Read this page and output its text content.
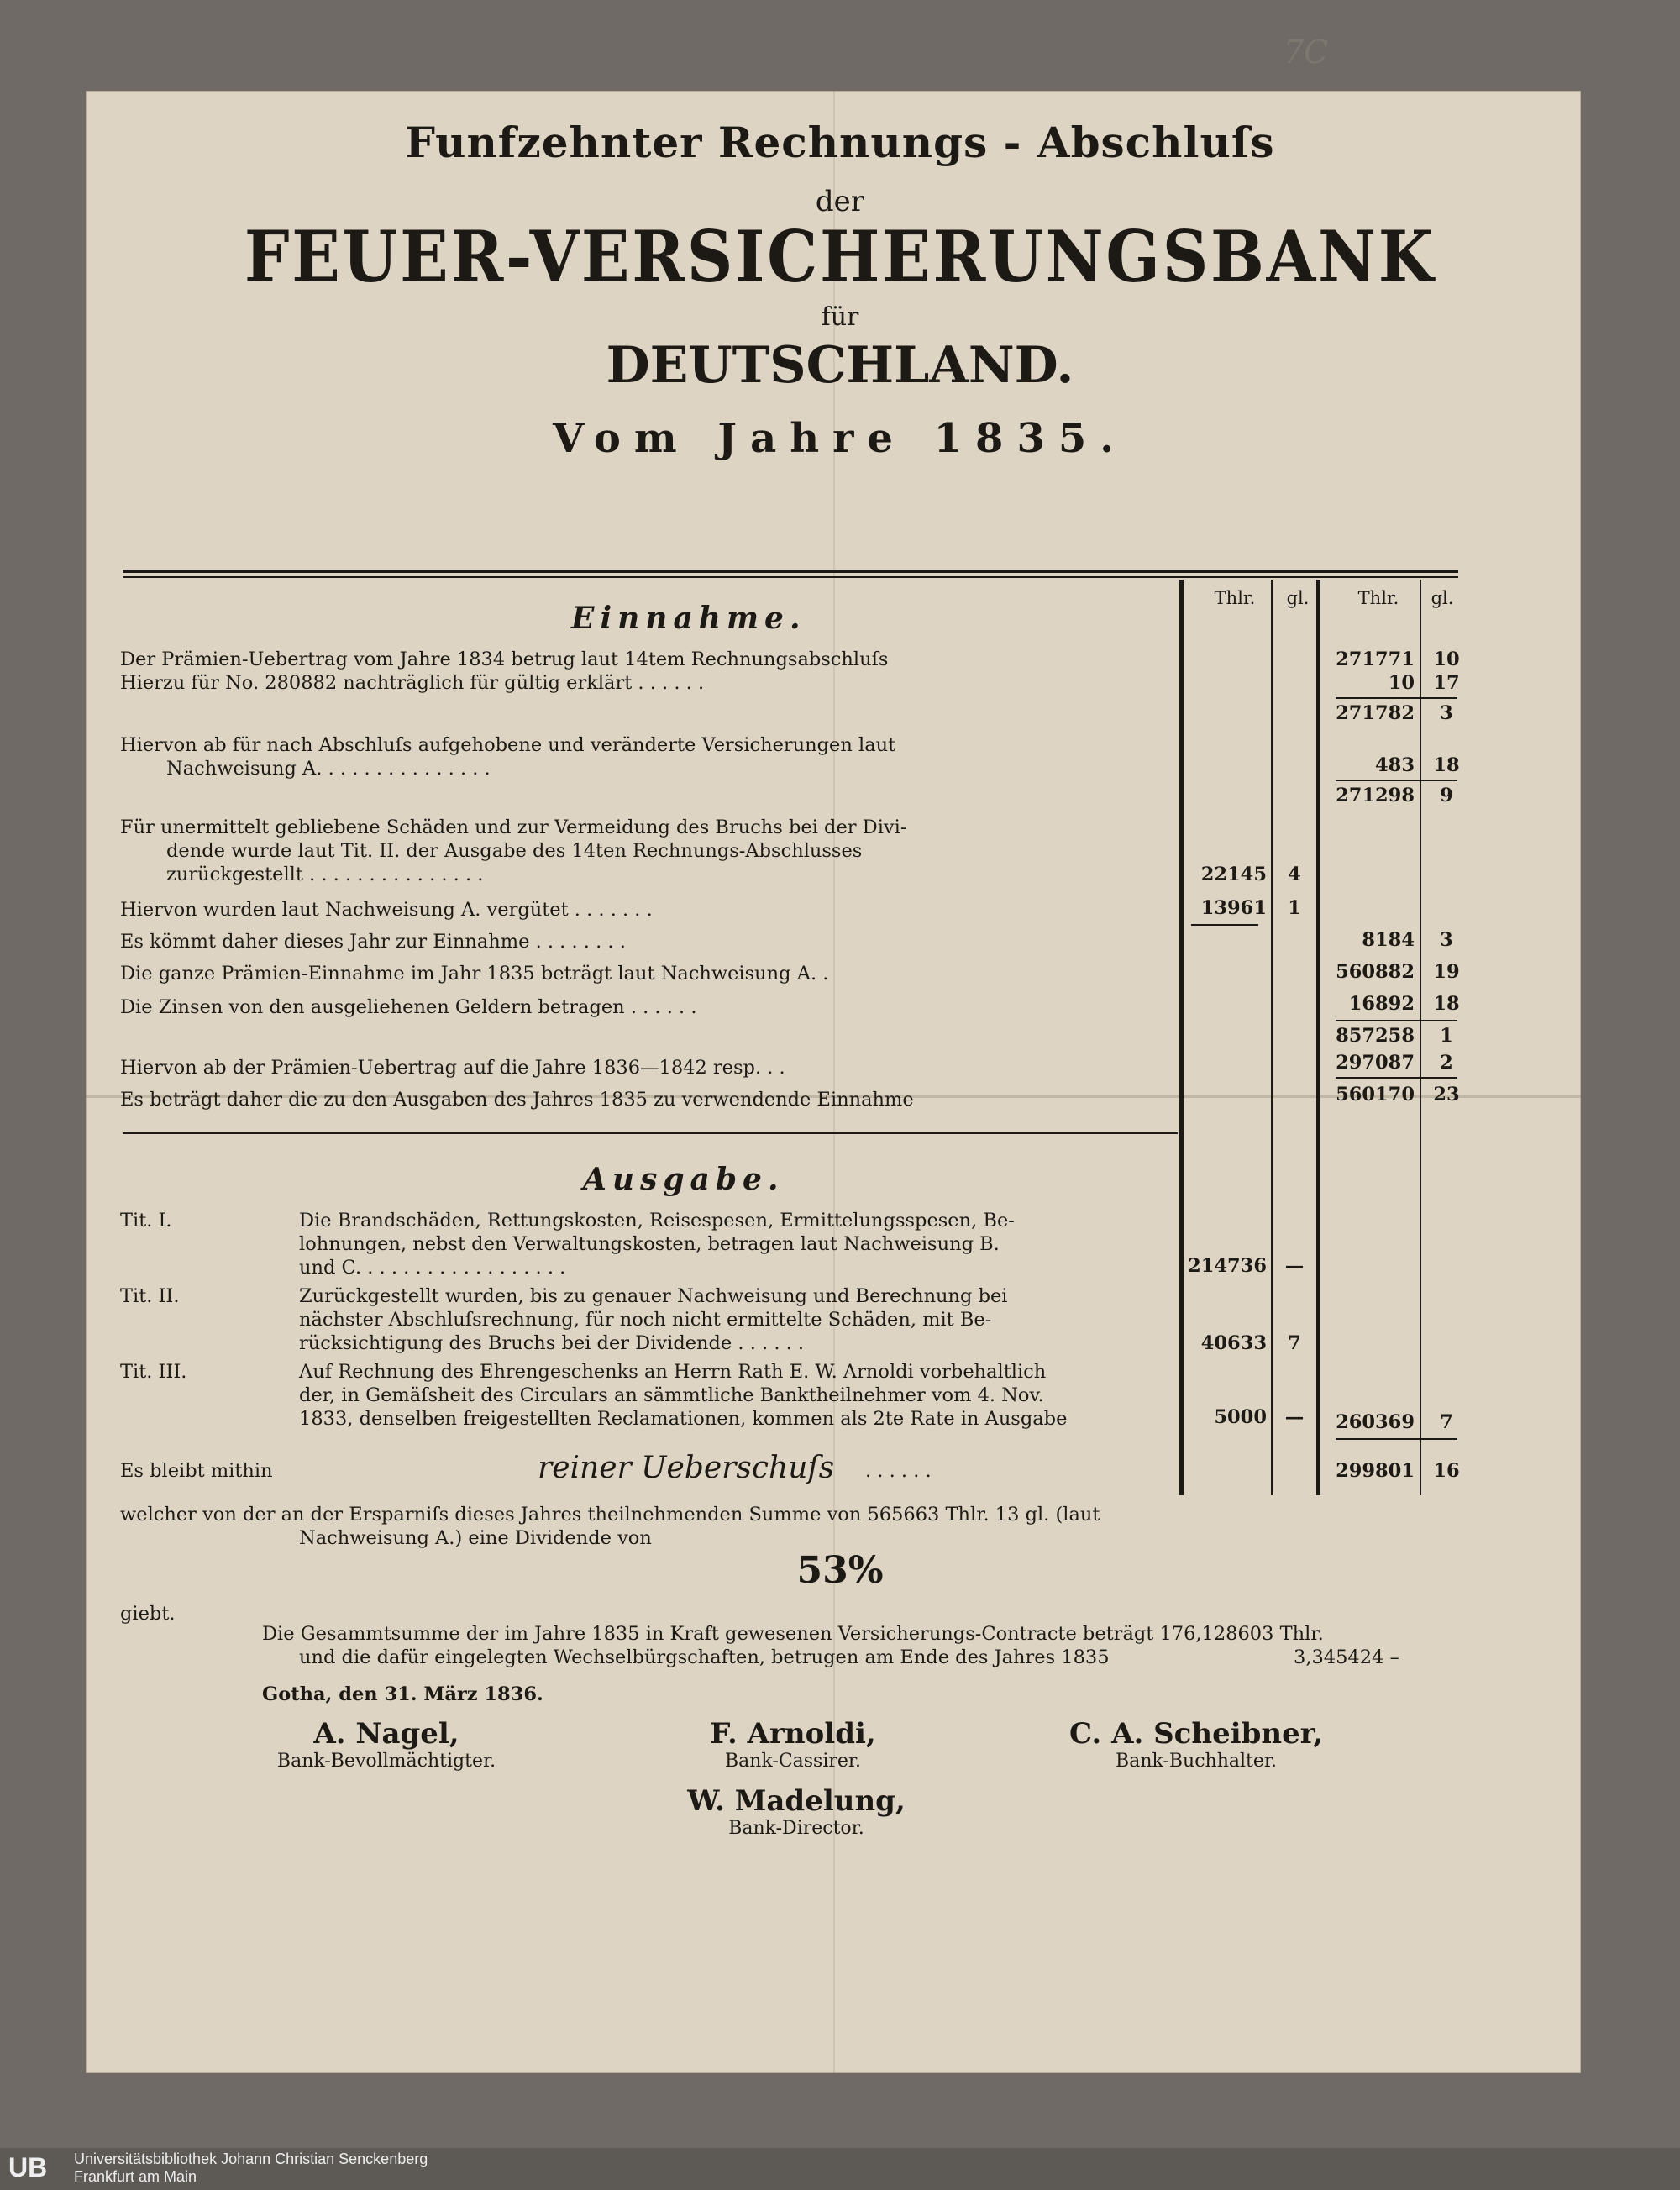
7C
Funfzehnter Rechnungs - Abschluſs
der
FEUER-VERSICHERUNGSBANK
für
DEUTSCHLAND.
Vom Jahre 1835.
Thlr.	gl.	Thlr.	gl.
Einnahme.
Der Prämien-Uebertrag vom Jahre 1834 betrug laut 14tem Rechnungsabschluſs	271771 10
Hierzu für No. 280882 nachträglich für gültig erklärt . . . . . .	10 17
271782	3
Hiervon ab für nach Abschluſs aufgehobene und veränderte Versicherungen laut
Nachweisung A. . . . . . . . . . . . . . .	483 18
271298	9
Für unermittelt gebliebene Schäden und zur Vermeidung des Bruchs bei der Divi-
dende wurde laut Tit. II. der Ausgabe des 14ten Rechnungs-Abschlusses
zurückgestellt . . . . . . . . . . . . . . .	22145	4
Hiervon wurden laut Nachweisung A. vergütet . . . . . . .	13961	1
Es kömmt daher dieses Jahr zur Einnahme . . . . . . . .	8184	3
Die ganze Prämien-Einnahme im Jahr 1835 beträgt laut Nachweisung A. .	560882 19
Die Zinsen von den ausgeliehenen Geldern betragen . . . . . .	16892 18
857258	1
Hiervon ab der Prämien-Uebertrag auf die Jahre 1836—1842 resp. . .	297087	2
Es beträgt daher die zu den Ausgaben des Jahres 1835 zu verwendende Einnahme	560170 23
Ausgabe.
Tit. I.	Die Brandschäden, Rettungskosten, Reisespesen, Ermittelungsspesen, Be-
lohnungen, nebst den Verwaltungskosten, betragen laut Nachweisung B.
und C. . . . . . . . . . . . . . . . . .	214736 —
Tit. II.	Zurückgestellt wurden, bis zu genauer Nachweisung und Berechnung bei
nächster Abschluſsrechnung, für noch nicht ermittelte Schäden, mit Be-
rücksichtigung des Bruchs bei der Dividende . . . . . .	40633	7
Tit. III.	Auf Rechnung des Ehrengeschenks an Herrn Rath E. W. Arnoldi vorbehaltlich
der, in Gemäſsheit des Circulars an sämmtliche Banktheilnehmer vom 4. Nov.
1833, denselben freigestellten Reclamationen, kommen als 2te Rate in Ausgabe	5000 —	260369	7
Es bleibt mithin	reiner Ueberschuſs	. . . . . .	299801 16
welcher von der an der Ersparniſs dieses Jahres theilnehmenden Summe von 565663 Thlr. 13 gl. (laut
Nachweisung A.) eine Dividende von
53%
giebt.
Die Gesammtsumme der im Jahre 1835 in Kraft gewesenen Versicherungs-Contracte beträgt 176,128603 Thlr.
und die dafür eingelegten Wechselbürgschaften, betrugen am Ende des Jahres 1835	3,345424 –
Gotha, den 31. März 1836.
A. Nagel,
Bank-Bevollmächtigter.
F. Arnoldi,
Bank-Cassirer.
C. A. Scheibner,
Bank-Buchhalter.
W. Madelung,
Bank-Director.
UB Universitätsbibliothek Johann Christian Senckenberg
Frankfurt am Main
